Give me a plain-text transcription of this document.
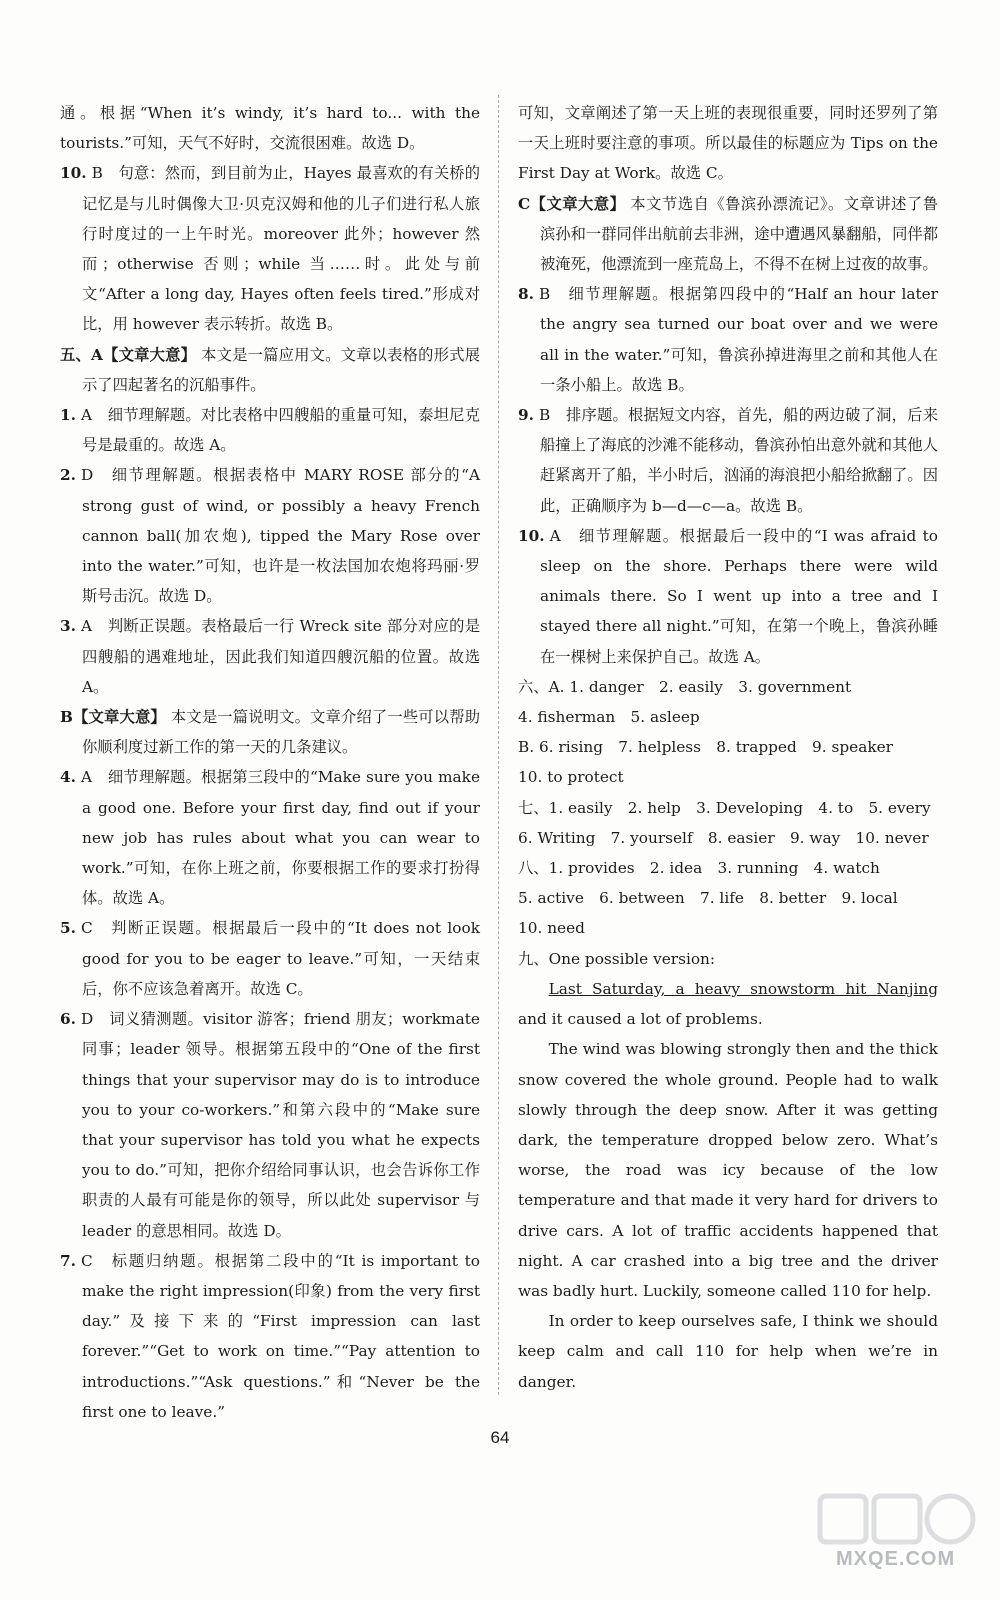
通。根据“When it’s windy, it’s hard to... with the tourists.”可知，天气不好时，交流很困难。故选 D。

10. B　句意：然而，到目前为止，Hayes 最喜欢的有关桥的记忆是与儿时偶像大卫·贝克汉姆和他的儿子们进行私人旅行时度过的一上午时光。moreover 此外；however 然而；otherwise 否则；while 当……时。此处与前文“After a long day, Hayes often feels tired.”形成对比，用 however 表示转折。故选 B。

五、A【文章大意】 本文是一篇应用文。文章以表格的形式展示了四起著名的沉船事件。

1. A　细节理解题。对比表格中四艘船的重量可知，泰坦尼克号是最重的。故选 A。

2. D　细节理解题。根据表格中 MARY ROSE 部分的“A strong gust of wind, or possibly a heavy French cannon ball(加农炮), tipped the Mary Rose over into the water.”可知，也许是一枚法国加农炮将玛丽·罗斯号击沉。故选 D。

3. A　判断正误题。表格最后一行 Wreck site 部分对应的是四艘船的遇难地址，因此我们知道四艘沉船的位置。故选 A。

B【文章大意】 本文是一篇说明文。文章介绍了一些可以帮助你顺利度过新工作的第一天的几条建议。

4. A　细节理解题。根据第三段中的“Make sure you make a good one. Before your first day, find out if your new job has rules about what you can wear to work.”可知，在你上班之前，你要根据工作的要求打扮得体。故选 A。

5. C　判断正误题。根据最后一段中的“It does not look good for you to be eager to leave.”可知，一天结束后，你不应该急着离开。故选 C。

6. D　词义猜测题。visitor 游客；friend 朋友；workmate 同事；leader 领导。根据第五段中的“One of the first things that your supervisor may do is to introduce you to your co-workers.”和第六段中的“Make sure that your supervisor has told you what he expects you to do.”可知，把你介绍给同事认识，也会告诉你工作职责的人最有可能是你的领导，所以此处 supervisor 与 leader 的意思相同。故选 D。

7. C　标题归纳题。根据第二段中的“It is important to make the right impression(印象) from the very first day.”及接下来的“First impression can last forever.”“Get to work on time.”“Pay attention to introductions.”“Ask questions.”和“Never be the first one to leave.”

可知，文章阐述了第一天上班的表现很重要，同时还罗列了第一天上班时要注意的事项。所以最佳的标题应为 Tips on the First Day at Work。故选 C。

C【文章大意】 本文节选自《鲁滨孙漂流记》。文章讲述了鲁滨孙和一群同伴出航前去非洲，途中遭遇风暴翻船，同伴都被淹死，他漂流到一座荒岛上，不得不在树上过夜的故事。

8. B　细节理解题。根据第四段中的“Half an hour later the angry sea turned our boat over and we were all in the water.”可知，鲁滨孙掉进海里之前和其他人在一条小船上。故选 B。

9. B　排序题。根据短文内容，首先，船的两边破了洞，后来船撞上了海底的沙滩不能移动，鲁滨孙怕出意外就和其他人赶紧离开了船，半小时后，汹涌的海浪把小船给掀翻了。因此，正确顺序为 b—d—c—a。故选 B。

10. A　细节理解题。根据最后一段中的“I was afraid to sleep on the shore. Perhaps there were wild animals there. So I went up into a tree and I stayed there all night.”可知，在第一个晚上，鲁滨孙睡在一棵树上来保护自己。故选 A。

六、A. 1. danger　2. easily　3. government

4. fisherman　5. asleep

B. 6. rising　7. helpless　8. trapped　9. speaker

10. to protect

七、1. easily　2. help　3. Developing　4. to　5. every

6. Writing　7. yourself　8. easier　9. way　10. never

八、1. provides　2. idea　3. running　4. watch

5. active　6. between　7. life　8. better　9. local

10. need

九、One possible version:

Last Saturday, a heavy snowstorm hit Nanjing and it caused a lot of problems.

The wind was blowing strongly then and the thick snow covered the whole ground. People had to walk slowly through the deep snow. After it was getting dark, the temperature dropped below zero. What’s worse, the road was icy because of the low temperature and that made it very hard for drivers to drive cars. A lot of traffic accidents happened that night. A car crashed into a big tree and the driver was badly hurt. Luckily, someone called 110 for help.

In order to keep ourselves safe, I think we should keep calm and call 110 for help when we’re in danger.

64
MXQE.COM
